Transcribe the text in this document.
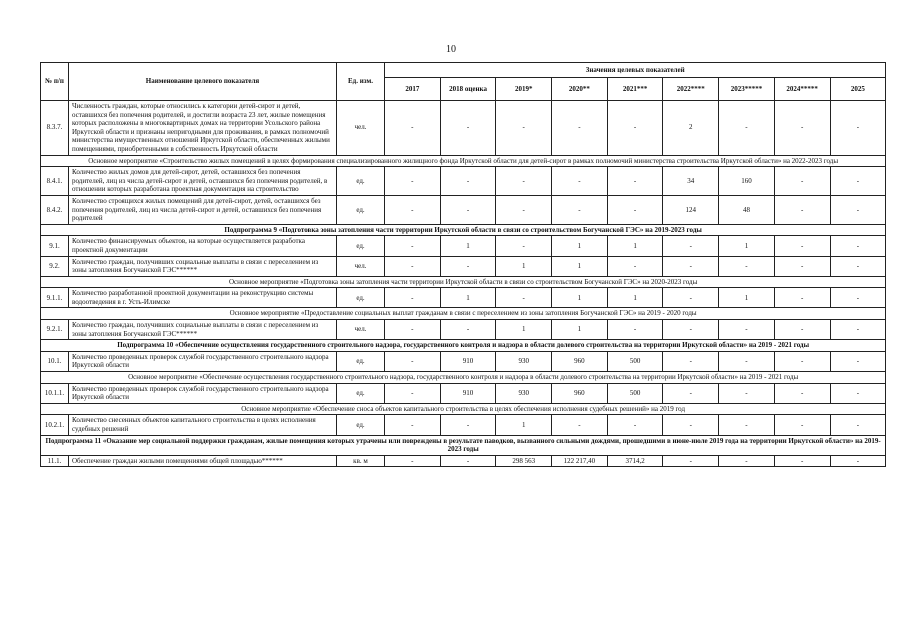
10
№ п/п	Наименование целевого показателя	Ед. изм.	Значения целевых показателей								
			2017	2018 оценка	2019*	2020**	2021***	2022****	2023*****	2024*****	2025
8.3.7.	Численность граждан, которые относились к категории детей-сирот и детей, оставшихся без попечения родителей, и достигли возраста 23 лет, жилые помещения которых расположены в многоквартирных домах на территории Усольского района Иркутской области и признаны непригодными для проживания, в рамках полномочий министерства имущественных отношений Иркутской области, обеспеченных жилыми помещениями, приобретенными в собственность Иркутской области	чел.	-	-	-	-	-	2	-	-	-
Основное мероприятие «Строительство жилых помещений в целях формирования специализированного жилищного фонда Иркутской области для детей-сирот в рамках полномочий министерства строительства Иркутской области» на 2022-2023 годы											
8.4.1.	Количество жилых домов для детей-сирот, детей, оставшихся без попечения родителей, лиц из числа детей-сирот и детей, оставшихся без попечения родителей, в отношении которых разработана проектная документация на строительство	ед.	-	-	-	-	-	34	160	-	-
8.4.2.	Количество строящихся жилых помещений для детей-сирот, детей, оставшихся без попечения родителей, лиц из числа детей-сирот и детей, оставшихся без попечения родителей	ед.	-	-	-	-	-	124	48	-	-
Подпрограмма 9 «Подготовка зоны затопления части территории Иркутской области в связи со строительством Богучанской ГЭС» на 2019-2023 годы											
9.1.	Количество финансируемых объектов, на которые осуществляется разработка проектной документации	ед.	-	1	-	1	1	-	1	-	-
9.2.	Количество граждан, получивших социальные выплаты в связи с переселением из зоны затопления Богучанской ГЭС******	чел.	-	-	1	1	-	-	-	-	-
Основное мероприятие «Подготовка зоны затопления части территории Иркутской области в связи со строительством Богучанской ГЭС» на 2020-2023 годы											
9.1.1.	Количество разработанной проектной документации на реконструкцию системы водоотведения в г. Усть-Илимске	ед.	-	1	-	1	1	-	1	-	-
Основное мероприятие «Предоставление социальных выплат гражданам в связи с переселением из зоны затопления Богучанской ГЭС» на 2019 - 2020 годы											
9.2.1.	Количество граждан, получивших социальные выплаты в связи с переселением из зоны затопления Богучанской ГЭС******	чел.	-	-	1	1	-	-	-	-	-
Подпрограмма 10 «Обеспечение осуществления государственного строительного надзора, государственного контроля и надзора в области долевого строительства на территории Иркутской области» на 2019 - 2021 годы											
10.1.	Количество проведенных проверок службой государственного строительного надзора Иркутской области	ед.	-	910	930	960	500	-	-	-	-
Основное мероприятие «Обеспечение осуществления государственного строительного надзора, государственного контроля и надзора в области долевого строительства на территории Иркутской области» на 2019 - 2021 годы											
10.1.1.	Количество проведенных проверок службой государственного строительного надзора Иркутской области	ед.	-	910	930	960	500	-	-	-	-
Основное мероприятие «Обеспечение сноса объектов капитального строительства в целях обеспечения исполнения судебных решений» на 2019 год											
10.2.1.	Количество снесенных объектов капитального строительства в целях исполнения судебных решений	ед.	-	-	1	-	-	-	-	-	-
Подпрограмма 11 «Оказание мер социальной поддержки гражданам, жилые помещения которых утрачены или повреждены в результате паводков, вызванного сильными дождями, прошедшими в июне-июле 2019 года на территории Иркутской области» на 2019-2023 годы											
11.1.	Обеспечение граждан жилыми помещениями общей площадью******	кв. м	-	-	298 563	122 217,40	3714,2	-	-	-	-
